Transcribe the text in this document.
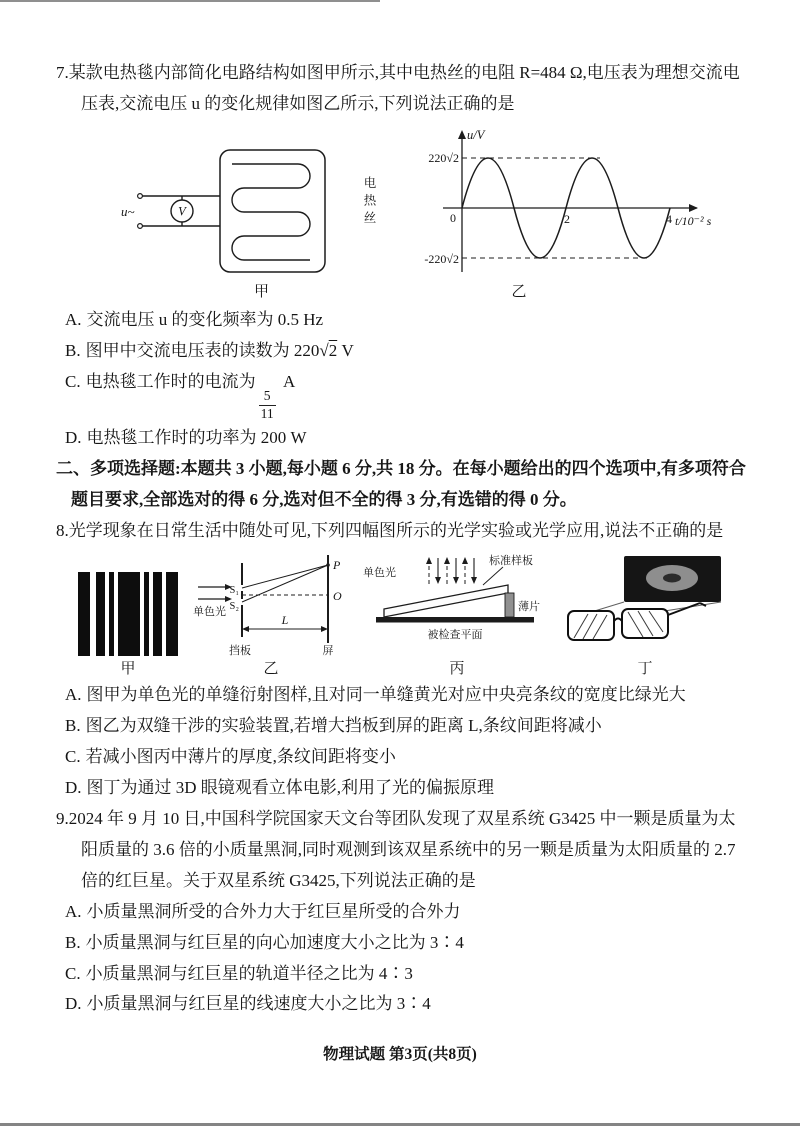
7.某款电热毯内部简化电路结构如图甲所示,其中电热丝的电阻 R=484 Ω,电压表为理想交流电压表,交流电压 u 的变化规律如图乙所示,下列说法正确的是

V
u~	电热丝
甲
u/V
220√2
-220√2
0	2	4 t/10⁻² s
乙

A. 交流电压 u 的变化频率为 0.5 Hz

B. 图甲中交流电压表的读数为 220√2 V

C. 电热毯工作时的电流为
$\frac{5}{11}$
A

D. 电热毯工作时的功率为 200 W

二、多项选择题:本题共 3 小题,每小题 6 分,共 18 分。在每小题给出的四个选项中,有多项符合题目要求,全部选对的得 6 分,选对但不全的得 3 分,有选错的得 0 分。

8.光学现象在日常生活中随处可见,下列四幅图所示的光学实验或光学应用,说法不正确的是

甲
S₁
S₂
P
O
L
单色光
挡板	屏
乙
单色光
标准样板
薄片
被检查平面
丙	丁

A. 图甲为单色光的单缝衍射图样,且对同一单缝黄光对应中央亮条纹的宽度比绿光大

B. 图乙为双缝干涉的实验装置,若增大挡板到屏的距离 L,条纹间距将减小

C. 若减小图丙中薄片的厚度,条纹间距将变小

D. 图丁为通过 3D 眼镜观看立体电影,利用了光的偏振原理

9.2024 年 9 月 10 日,中国科学院国家天文台等团队发现了双星系统 G3425 中一颗是质量为太阳质量的 3.6 倍的小质量黑洞,同时观测到该双星系统中的另一颗是质量为太阳质量的 2.7 倍的红巨星。关于双星系统 G3425,下列说法正确的是

A. 小质量黑洞所受的合外力大于红巨星所受的合外力

B. 小质量黑洞与红巨星的向心加速度大小之比为 3∶4

C. 小质量黑洞与红巨星的轨道半径之比为 4∶3

D. 小质量黑洞与红巨星的线速度大小之比为 3∶4

物理试题 第3页(共8页)
